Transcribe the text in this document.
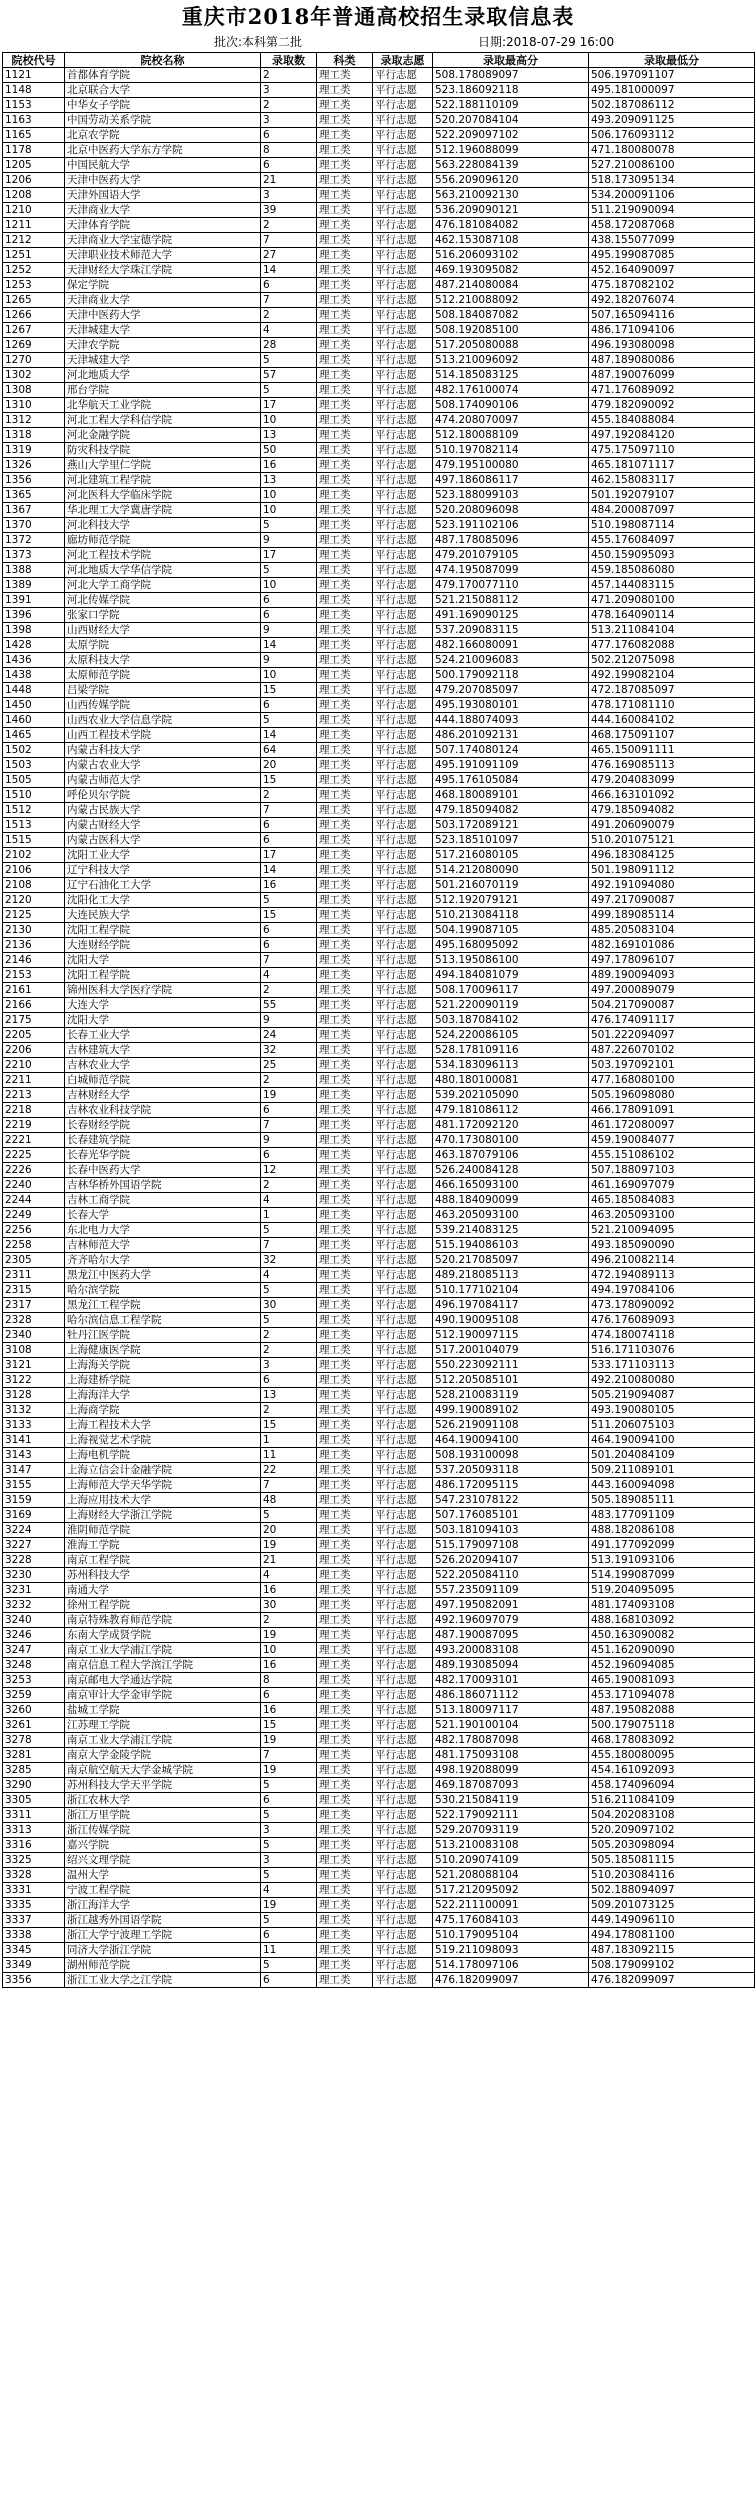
重庆市2018年普通高校招生录取信息表
批次:本科第二批	日期:2018-07-29 16:00
院校代号	院校名称	录取数	科类	录取志愿	录取最高分	录取最低分
1121	首都体育学院	2	理工类	平行志愿	508.178089097	506.197091107
1148	北京联合大学	3	理工类	平行志愿	523.186092118	495.181000097
1153	中华女子学院	2	理工类	平行志愿	522.188110109	502.187086112
1163	中国劳动关系学院	3	理工类	平行志愿	520.207084104	493.209091125
1165	北京农学院	6	理工类	平行志愿	522.209097102	506.176093112
1178	北京中医药大学东方学院	8	理工类	平行志愿	512.196088099	471.180080078
1205	中国民航大学	6	理工类	平行志愿	563.228084139	527.210086100
1206	天津中医药大学	21	理工类	平行志愿	556.209096120	518.173095134
1208	天津外国语大学	3	理工类	平行志愿	563.210092130	534.200091106
1210	天津商业大学	39	理工类	平行志愿	536.209090121	511.219090094
1211	天津体育学院	2	理工类	平行志愿	476.181084082	458.172087068
1212	天津商业大学宝德学院	7	理工类	平行志愿	462.153087108	438.155077099
1251	天津职业技术师范大学	27	理工类	平行志愿	516.206093102	495.199087085
1252	天津财经大学珠江学院	14	理工类	平行志愿	469.193095082	452.164090097
1253	保定学院	6	理工类	平行志愿	487.214080084	475.187082102
1265	天津商业大学	7	理工类	平行志愿	512.210088092	492.182076074
1266	天津中医药大学	2	理工类	平行志愿	508.184087082	507.165094116
1267	天津城建大学	4	理工类	平行志愿	508.192085100	486.171094106
1269	天津农学院	28	理工类	平行志愿	517.205080088	496.193080098
1270	天津城建大学	5	理工类	平行志愿	513.210096092	487.189080086
1302	河北地质大学	57	理工类	平行志愿	514.185083125	487.190076099
1308	邢台学院	5	理工类	平行志愿	482.176100074	471.176089092
1310	北华航天工业学院	17	理工类	平行志愿	508.174090106	479.182090092
1312	河北工程大学科信学院	10	理工类	平行志愿	474.208070097	455.184088084
1318	河北金融学院	13	理工类	平行志愿	512.180088109	497.192084120
1319	防灾科技学院	50	理工类	平行志愿	510.197082114	475.175097110
1326	燕山大学里仁学院	16	理工类	平行志愿	479.195100080	465.181071117
1356	河北建筑工程学院	13	理工类	平行志愿	497.186086117	462.158083117
1365	河北医科大学临床学院	10	理工类	平行志愿	523.188099103	501.192079107
1367	华北理工大学冀唐学院	10	理工类	平行志愿	520.208096098	484.200087097
1370	河北科技大学	5	理工类	平行志愿	523.191102106	510.198087114
1372	廊坊师范学院	9	理工类	平行志愿	487.178085096	455.176084097
1373	河北工程技术学院	17	理工类	平行志愿	479.201079105	450.159095093
1388	河北地质大学华信学院	5	理工类	平行志愿	474.195087099	459.185086080
1389	河北大学工商学院	10	理工类	平行志愿	479.170077110	457.144083115
1391	河北传媒学院	6	理工类	平行志愿	521.215088112	471.209080100
1396	张家口学院	6	理工类	平行志愿	491.169090125	478.164090114
1398	山西财经大学	9	理工类	平行志愿	537.209083115	513.211084104
1428	太原学院	14	理工类	平行志愿	482.166080091	477.176082088
1436	太原科技大学	9	理工类	平行志愿	524.210096083	502.212075098
1438	太原师范学院	10	理工类	平行志愿	500.179092118	492.199082104
1448	吕梁学院	15	理工类	平行志愿	479.207085097	472.187085097
1450	山西传媒学院	6	理工类	平行志愿	495.193080101	478.171081110
1460	山西农业大学信息学院	5	理工类	平行志愿	444.188074093	444.160084102
1465	山西工程技术学院	14	理工类	平行志愿	486.201092131	468.175091107
1502	内蒙古科技大学	64	理工类	平行志愿	507.174080124	465.150091111
1503	内蒙古农业大学	20	理工类	平行志愿	495.191091109	476.169085113
1505	内蒙古师范大学	15	理工类	平行志愿	495.176105084	479.204083099
1510	呼伦贝尔学院	2	理工类	平行志愿	468.180089101	466.163101092
1512	内蒙古民族大学	7	理工类	平行志愿	479.185094082	479.185094082
1513	内蒙古财经大学	6	理工类	平行志愿	503.172089121	491.206090079
1515	内蒙古医科大学	6	理工类	平行志愿	523.185101097	510.201075121
2102	沈阳工业大学	17	理工类	平行志愿	517.216080105	496.183084125
2106	辽宁科技大学	14	理工类	平行志愿	514.212080090	501.198091112
2108	辽宁石油化工大学	16	理工类	平行志愿	501.216070119	492.191094080
2120	沈阳化工大学	5	理工类	平行志愿	512.192079121	497.217090087
2125	大连民族大学	15	理工类	平行志愿	510.213084118	499.189085114
2130	沈阳工程学院	6	理工类	平行志愿	504.199087105	485.205083104
2136	大连财经学院	6	理工类	平行志愿	495.168095092	482.169101086
2146	沈阳大学	7	理工类	平行志愿	513.195086100	497.178096107
2153	沈阳工程学院	4	理工类	平行志愿	494.184081079	489.190094093
2161	锦州医科大学医疗学院	2	理工类	平行志愿	508.170096117	497.200089079
2166	大连大学	55	理工类	平行志愿	521.220090119	504.217090087
2175	沈阳大学	9	理工类	平行志愿	503.187084102	476.174091117
2205	长春工业大学	24	理工类	平行志愿	524.220086105	501.222094097
2206	吉林建筑大学	32	理工类	平行志愿	528.178109116	487.226070102
2210	吉林农业大学	25	理工类	平行志愿	534.183096113	503.197092101
2211	白城师范学院	2	理工类	平行志愿	480.180100081	477.168080100
2213	吉林财经大学	19	理工类	平行志愿	539.202105090	505.196098080
2218	吉林农业科技学院	6	理工类	平行志愿	479.181086112	466.178091091
2219	长春财经学院	7	理工类	平行志愿	481.172092120	461.172080097
2221	长春建筑学院	9	理工类	平行志愿	470.173080100	459.190084077
2225	长春光华学院	6	理工类	平行志愿	463.187079106	455.151086102
2226	长春中医药大学	12	理工类	平行志愿	526.240084128	507.188097103
2240	吉林华桥外国语学院	2	理工类	平行志愿	466.165093100	461.169097079
2244	吉林工商学院	4	理工类	平行志愿	488.184090099	465.185084083
2249	长春大学	1	理工类	平行志愿	463.205093100	463.205093100
2256	东北电力大学	5	理工类	平行志愿	539.214083125	521.210094095
2258	吉林师范大学	7	理工类	平行志愿	515.194086103	493.185090090
2305	齐齐哈尔大学	32	理工类	平行志愿	520.217085097	496.210082114
2311	黑龙江中医药大学	4	理工类	平行志愿	489.218085113	472.194089113
2315	哈尔滨学院	5	理工类	平行志愿	510.177102104	494.197084106
2317	黑龙江工程学院	30	理工类	平行志愿	496.197084117	473.178090092
2328	哈尔滨信息工程学院	5	理工类	平行志愿	490.190095108	476.176089093
2340	牡丹江医学院	2	理工类	平行志愿	512.190097115	474.180074118
3108	上海健康医学院	2	理工类	平行志愿	517.200104079	516.171103076
3121	上海海关学院	3	理工类	平行志愿	550.223092111	533.171103113
3122	上海建桥学院	6	理工类	平行志愿	512.205085101	492.210080080
3128	上海海洋大学	13	理工类	平行志愿	528.210083119	505.219094087
3132	上海商学院	2	理工类	平行志愿	499.190089102	493.190080105
3133	上海工程技术大学	15	理工类	平行志愿	526.219091108	511.206075103
3141	上海视觉艺术学院	1	理工类	平行志愿	464.190094100	464.190094100
3143	上海电机学院	11	理工类	平行志愿	508.193100098	501.204084109
3147	上海立信会计金融学院	22	理工类	平行志愿	537.205093118	509.211089101
3155	上海师范大学天华学院	7	理工类	平行志愿	486.172095115	443.160094098
3159	上海应用技术大学	48	理工类	平行志愿	547.231078122	505.189085111
3169	上海财经大学浙江学院	5	理工类	平行志愿	507.176085101	483.177091109
3224	淮阴师范学院	20	理工类	平行志愿	503.181094103	488.182086108
3227	淮海工学院	19	理工类	平行志愿	515.179097108	491.177092099
3228	南京工程学院	21	理工类	平行志愿	526.202094107	513.191093106
3230	苏州科技大学	4	理工类	平行志愿	522.205084110	514.199087099
3231	南通大学	16	理工类	平行志愿	557.235091109	519.204095095
3232	徐州工程学院	30	理工类	平行志愿	497.195082091	481.174093108
3240	南京特殊教育师范学院	2	理工类	平行志愿	492.196097079	488.168103092
3246	东南大学成贤学院	19	理工类	平行志愿	487.190087095	450.163090082
3247	南京工业大学浦江学院	10	理工类	平行志愿	493.200083108	451.162090090
3248	南京信息工程大学滨江学院	16	理工类	平行志愿	489.193085094	452.196094085
3253	南京邮电大学通达学院	8	理工类	平行志愿	482.170093101	465.190081093
3259	南京审计大学金审学院	6	理工类	平行志愿	486.186071112	453.171094078
3260	盐城工学院	16	理工类	平行志愿	513.180097117	487.195082088
3261	江苏理工学院	15	理工类	平行志愿	521.190100104	500.179075118
3278	南京工业大学浦江学院	19	理工类	平行志愿	482.178087098	468.178083092
3281	南京大学金陵学院	7	理工类	平行志愿	481.175093108	455.180080095
3285	南京航空航天大学金城学院	19	理工类	平行志愿	498.192088099	454.161092093
3290	苏州科技大学天平学院	5	理工类	平行志愿	469.187087093	458.174096094
3305	浙江农林大学	6	理工类	平行志愿	530.215084119	516.211084109
3311	浙江万里学院	5	理工类	平行志愿	522.179092111	504.202083108
3313	浙江传媒学院	3	理工类	平行志愿	529.207093119	520.209097102
3316	嘉兴学院	5	理工类	平行志愿	513.210083108	505.203098094
3325	绍兴文理学院	3	理工类	平行志愿	510.209074109	505.185081115
3328	温州大学	5	理工类	平行志愿	521.208088104	510.203084116
3331	宁波工程学院	4	理工类	平行志愿	517.212095092	502.188094097
3335	浙江海洋大学	19	理工类	平行志愿	522.211100091	509.201073125
3337	浙江越秀外国语学院	5	理工类	平行志愿	475.176084103	449.149096110
3338	浙江大学宁波理工学院	6	理工类	平行志愿	510.179095104	494.178081100
3345	同济大学浙江学院	11	理工类	平行志愿	519.211098093	487.183092115
3349	湖州师范学院	5	理工类	平行志愿	514.178097106	508.179099102
3356	浙江工业大学之江学院	6	理工类	平行志愿	476.182099097	476.182099097
